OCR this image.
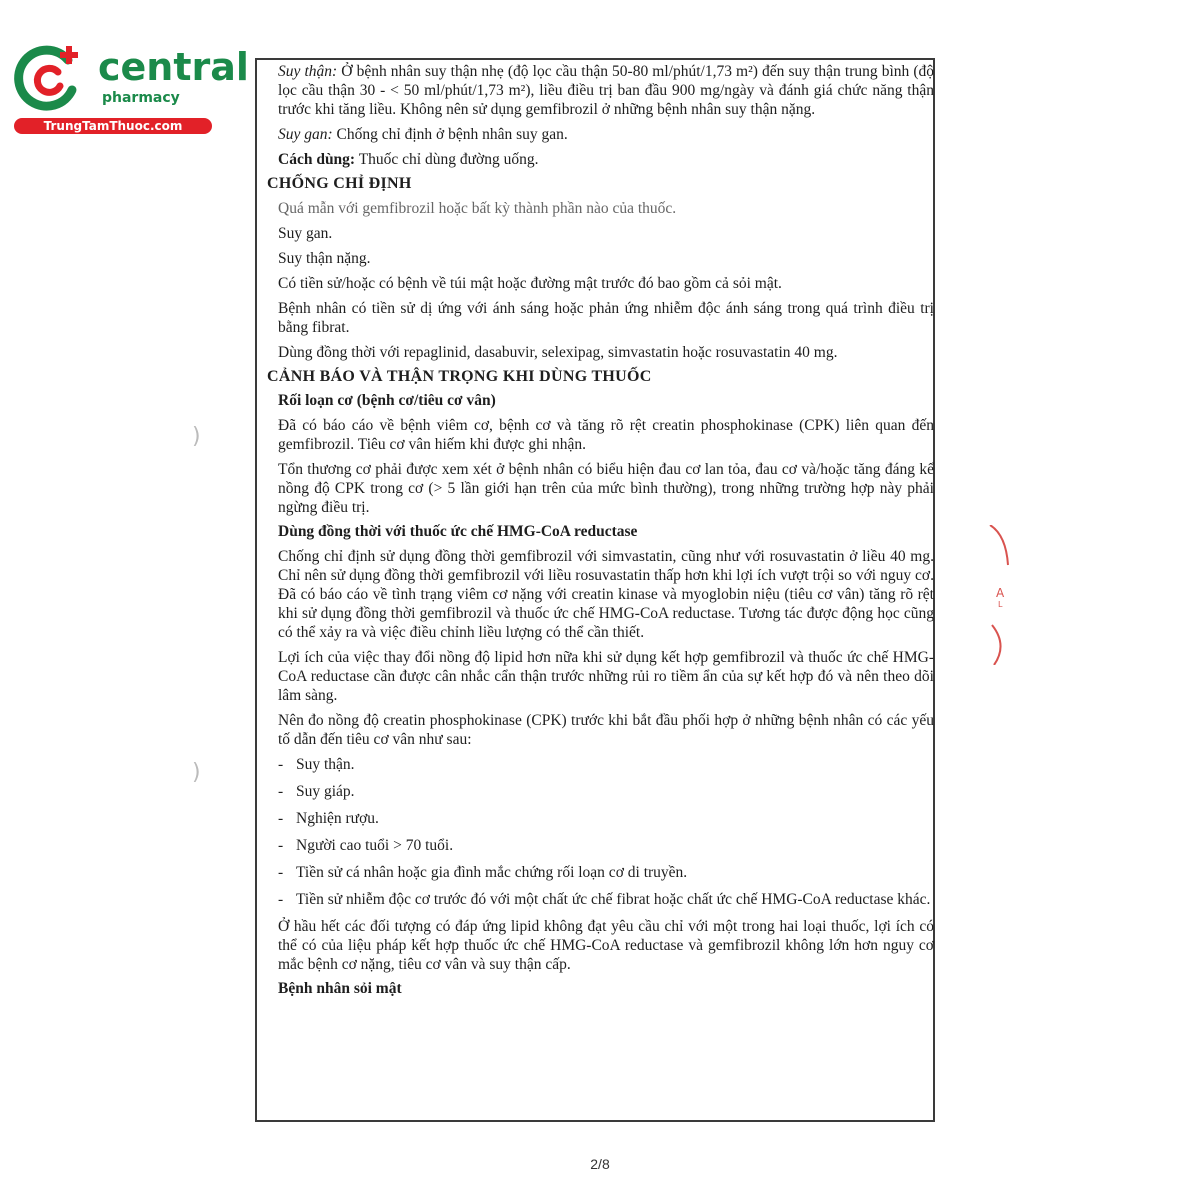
central
pharmacy
TrungTamThuoc.com
)
)
A
L

Suy thận: Ở bệnh nhân suy thận nhẹ (độ lọc cầu thận 50-80 ml/phút/1,73 m²) đến suy thận trung bình (độ lọc cầu thận 30 - < 50 ml/phút/1,73 m²), liều điều trị ban đầu 900 mg/ngày và đánh giá chức năng thận trước khi tăng liều. Không nên sử dụng gemfibrozil ở những bệnh nhân suy thận nặng.

Suy gan: Chống chỉ định ở bệnh nhân suy gan.

Cách dùng: Thuốc chỉ dùng đường uống.

CHỐNG CHỈ ĐỊNH

Quá mẫn với gemfibrozil hoặc bất kỳ thành phần nào của thuốc.

Suy gan.

Suy thận nặng.

Có tiền sử/hoặc có bệnh về túi mật hoặc đường mật trước đó bao gồm cả sỏi mật.

Bệnh nhân có tiền sử dị ứng với ánh sáng hoặc phản ứng nhiễm độc ánh sáng trong quá trình điều trị bằng fibrat.

Dùng đồng thời với repaglinid, dasabuvir, selexipag, simvastatin hoặc rosuvastatin 40 mg.

CẢNH BÁO VÀ THẬN TRỌNG KHI DÙNG THUỐC
Rối loạn cơ (bệnh cơ/tiêu cơ vân)

Đã có báo cáo về bệnh viêm cơ, bệnh cơ và tăng rõ rệt creatin phosphokinase (CPK) liên quan đến gemfibrozil. Tiêu cơ vân hiếm khi được ghi nhận.

Tổn thương cơ phải được xem xét ở bệnh nhân có biểu hiện đau cơ lan tỏa, đau cơ và/hoặc tăng đáng kể nồng độ CPK trong cơ (> 5 lần giới hạn trên của mức bình thường), trong những trường hợp này phải ngừng điều trị.

Dùng đồng thời với thuốc ức chế HMG-CoA reductase

Chống chỉ định sử dụng đồng thời gemfibrozil với simvastatin, cũng như với rosuvastatin ở liều 40 mg. Chỉ nên sử dụng đồng thời gemfibrozil với liều rosuvastatin thấp hơn khi lợi ích vượt trội so với nguy cơ. Đã có báo cáo về tình trạng viêm cơ nặng với creatin kinase và myoglobin niệu (tiêu cơ vân) tăng rõ rệt khi sử dụng đồng thời gemfibrozil và thuốc ức chế HMG-CoA reductase. Tương tác được động học cũng có thể xảy ra và việc điều chỉnh liều lượng có thể cần thiết.

Lợi ích của việc thay đổi nồng độ lipid hơn nữa khi sử dụng kết hợp gemfibrozil và thuốc ức chế HMG-CoA reductase cần được cân nhắc cẩn thận trước những rủi ro tiềm ẩn của sự kết hợp đó và nên theo dõi lâm sàng.

Nên đo nồng độ creatin phosphokinase (CPK) trước khi bắt đầu phối hợp ở những bệnh nhân có các yếu tố dẫn đến tiêu cơ vân như sau:

- Suy thận.
- Suy giáp.
- Nghiện rượu.
- Người cao tuổi > 70 tuổi.
- Tiền sử cá nhân hoặc gia đình mắc chứng rối loạn cơ di truyền.
- Tiền sử nhiễm độc cơ trước đó với một chất ức chế fibrat hoặc chất ức chế HMG-CoA reductase khác.

Ở hầu hết các đối tượng có đáp ứng lipid không đạt yêu cầu chỉ với một trong hai loại thuốc, lợi ích có thể có của liệu pháp kết hợp thuốc ức chế HMG-CoA reductase và gemfibrozil không lớn hơn nguy cơ mắc bệnh cơ nặng, tiêu cơ vân và suy thận cấp.

Bệnh nhân sỏi mật
2/8
